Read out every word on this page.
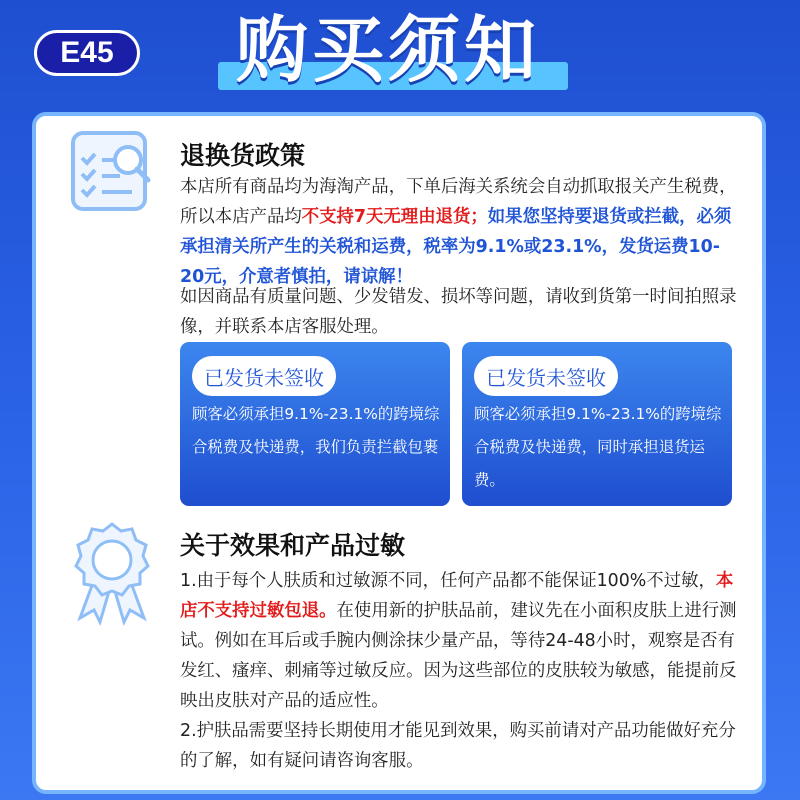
E45	购买须知
退换货政策
本店所有商品均为海淘产品，下单后海关系统会自动抓取报关产生税费，所以本店产品均不支持7天无理由退货；如果您坚持要退货或拦截，必须承担清关所产生的关税和运费，税率为9.1%或23.1%，发货运费10-20元，介意者慎拍，请谅解！
如因商品有质量问题、少发错发、损坏等问题，请收到货第一时间拍照录像，并联系本店客服处理。
已发货未签收
顾客必须承担9.1%-23.1%的跨境综合税费及快递费，我们负责拦截包裹
已发货未签收
顾客必须承担9.1%-23.1%的跨境综合税费及快递费，同时承担退货运费。
关于效果和产品过敏
1.由于每个人肤质和过敏源不同，任何产品都不能保证100%不过敏，本店不支持过敏包退。在使用新的护肤品前，建议先在小面积皮肤上进行测试。例如在耳后或手腕内侧涂抹少量产品，等待24-48小时，观察是否有发红、瘙痒、刺痛等过敏反应。因为这些部位的皮肤较为敏感，能提前反映出皮肤对产品的适应性。
2.护肤品需要坚持长期使用才能见到效果，购买前请对产品功能做好充分的了解，如有疑问请咨询客服。
